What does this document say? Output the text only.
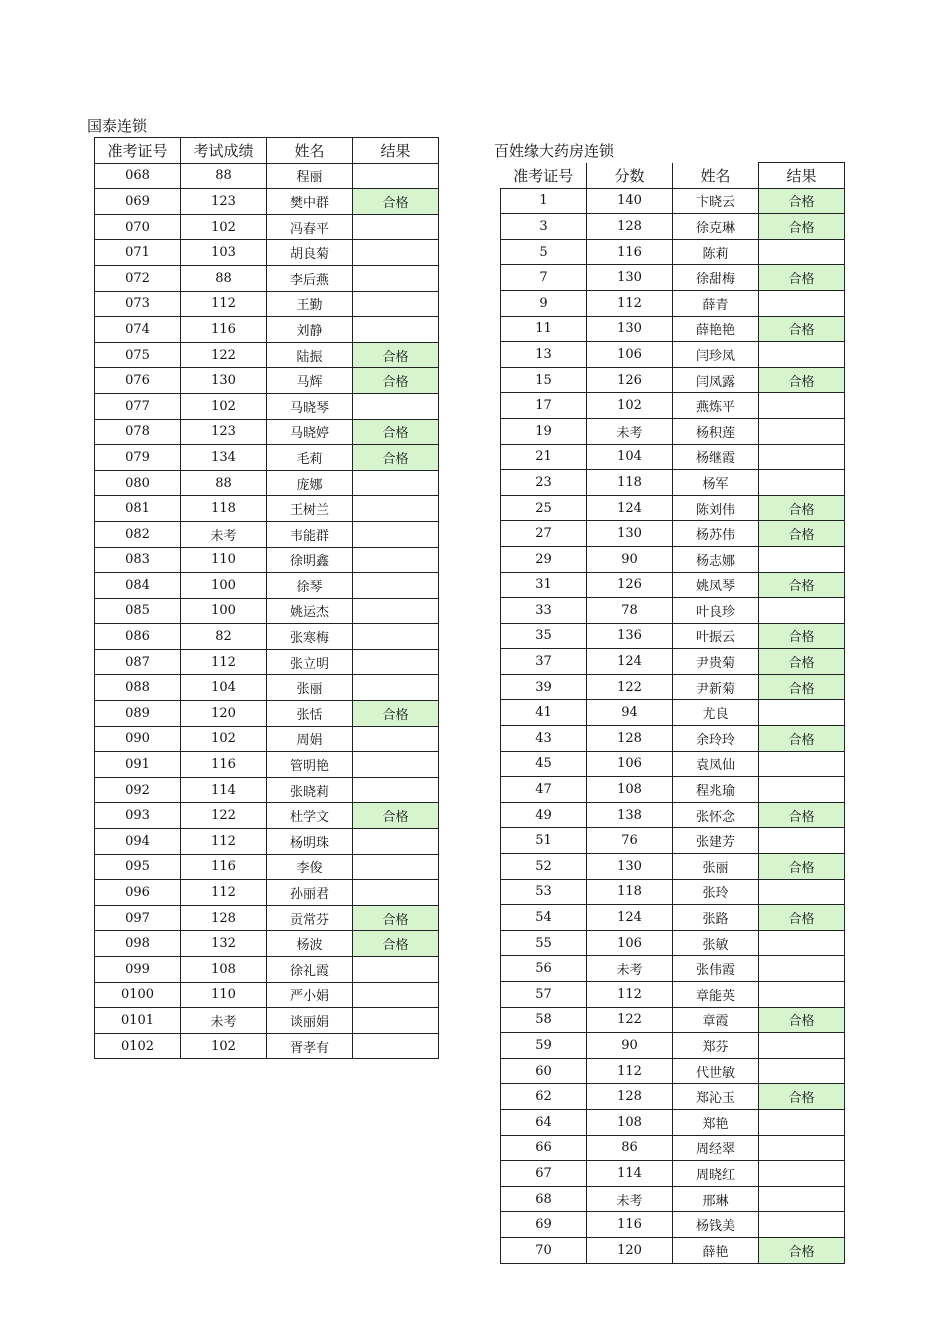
国泰连锁
准考证号	考试成绩	姓名	结果
068	88	程丽	
069	123	樊中群	合格
070	102	冯春平	
071	103	胡良菊	
072	88	李后燕	
073	112	王勤	
074	116	刘静	
075	122	陆振	合格
076	130	马辉	合格
077	102	马晓琴	
078	123	马晓婷	合格
079	134	毛莉	合格
080	88	庞娜	
081	118	王树兰	
082	未考	韦能群	
083	110	徐明鑫	
084	100	徐琴	
085	100	姚运杰	
086	82	张寒梅	
087	112	张立明	
088	104	张丽	
089	120	张恬	合格
090	102	周娟	
091	116	管明艳	
092	114	张晓莉	
093	122	杜学文	合格
094	112	杨明珠	
095	116	李俊	
096	112	孙丽君	
097	128	贡常芬	合格
098	132	杨波	合格
099	108	徐礼霞	
0100	110	严小娟	
0101	未考	谈丽娟	
0102	102	胥孝有	
百姓缘大药房连锁
准考证号	分数	姓名	结果
1	140	卞晓云	合格
3	128	徐克琳	合格
5	116	陈莉	
7	130	徐甜梅	合格
9	112	薛青	
11	130	薛艳艳	合格
13	106	闫珍凤	
15	126	闫凤露	合格
17	102	燕炼平	
19	未考	杨积莲	
21	104	杨继霞	
23	118	杨军	
25	124	陈刘伟	合格
27	130	杨苏伟	合格
29	90	杨志娜	
31	126	姚凤琴	合格
33	78	叶良珍	
35	136	叶振云	合格
37	124	尹贵菊	合格
39	122	尹新菊	合格
41	94	尤良	
43	128	余玲玲	合格
45	106	袁凤仙	
47	108	程兆瑜	
49	138	张怀念	合格
51	76	张建芳	
52	130	张丽	合格
53	118	张玲	
54	124	张路	合格
55	106	张敏	
56	未考	张伟霞	
57	112	章能英	
58	122	章霞	合格
59	90	郑芬	
60	112	代世敏	
62	128	郑沁玉	合格
64	108	郑艳	
66	86	周经翠	
67	114	周晓红	
68	未考	邢琳	
69	116	杨钱美	
70	120	薛艳	合格
